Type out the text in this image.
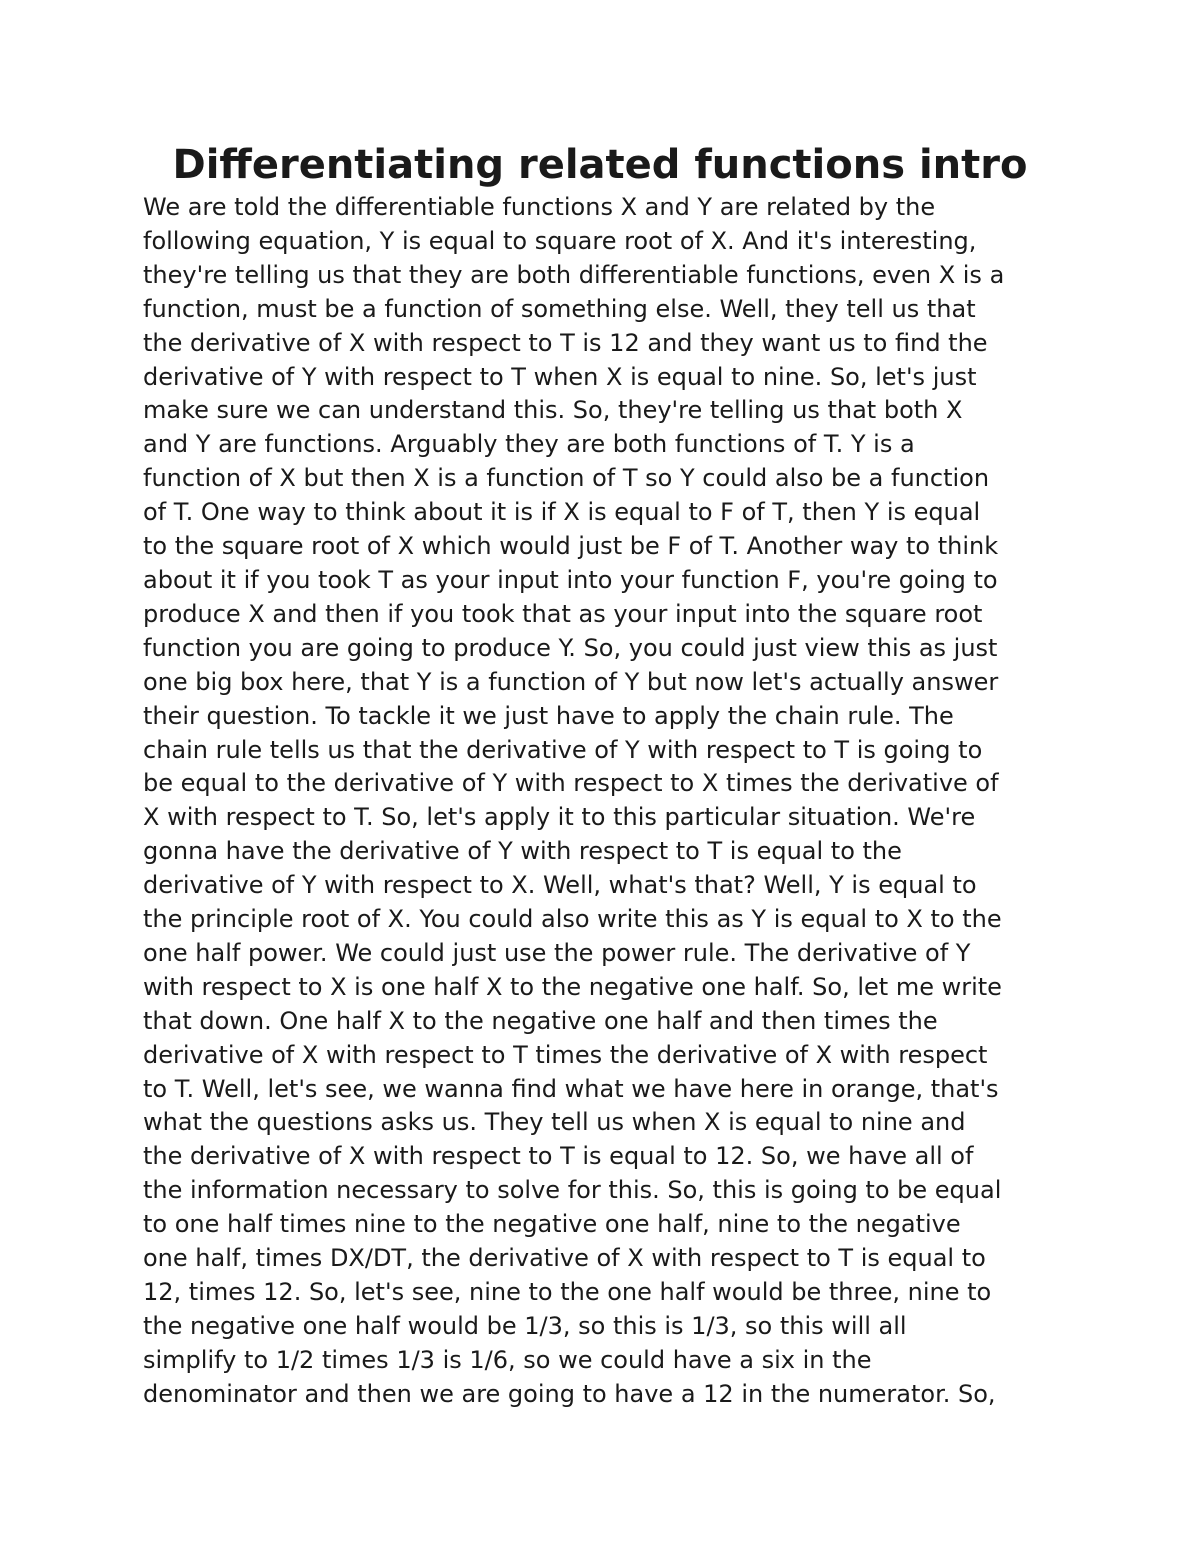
Differentiating related functions intro
We are told the differentiable functions X and Y are related by the
following equation, Y is equal to square root of X. And it's interesting,
they're telling us that they are both differentiable functions, even X is a
function, must be a function of something else. Well, they tell us that
the derivative of X with respect to T is 12 and they want us to find the
derivative of Y with respect to T when X is equal to nine. So, let's just
make sure we can understand this. So, they're telling us that both X
and Y are functions. Arguably they are both functions of T. Y is a
function of X but then X is a function of T so Y could also be a function
of T. One way to think about it is if X is equal to F of T, then Y is equal
to the square root of X which would just be F of T. Another way to think
about it if you took T as your input into your function F, you're going to
produce X and then if you took that as your input into the square root
function you are going to produce Y. So, you could just view this as just
one big box here, that Y is a function of Y but now let's actually answer
their question. To tackle it we just have to apply the chain rule. The
chain rule tells us that the derivative of Y with respect to T is going to
be equal to the derivative of Y with respect to X times the derivative of
X with respect to T. So, let's apply it to this particular situation. We're
gonna have the derivative of Y with respect to T is equal to the
derivative of Y with respect to X. Well, what's that? Well, Y is equal to
the principle root of X. You could also write this as Y is equal to X to the
one half power. We could just use the power rule. The derivative of Y
with respect to X is one half X to the negative one half. So, let me write
that down. One half X to the negative one half and then times the
derivative of X with respect to T times the derivative of X with respect
to T. Well, let's see, we wanna find what we have here in orange, that's
what the questions asks us. They tell us when X is equal to nine and
the derivative of X with respect to T is equal to 12. So, we have all of
the information necessary to solve for this. So, this is going to be equal
to one half times nine to the negative one half, nine to the negative
one half, times DX/DT, the derivative of X with respect to T is equal to
12, times 12. So, let's see, nine to the one half would be three, nine to
the negative one half would be 1/3, so this is 1/3, so this will all
simplify to 1/2 times 1/3 is 1/6, so we could have a six in the
denominator and then we are going to have a 12 in the numerator. So,
